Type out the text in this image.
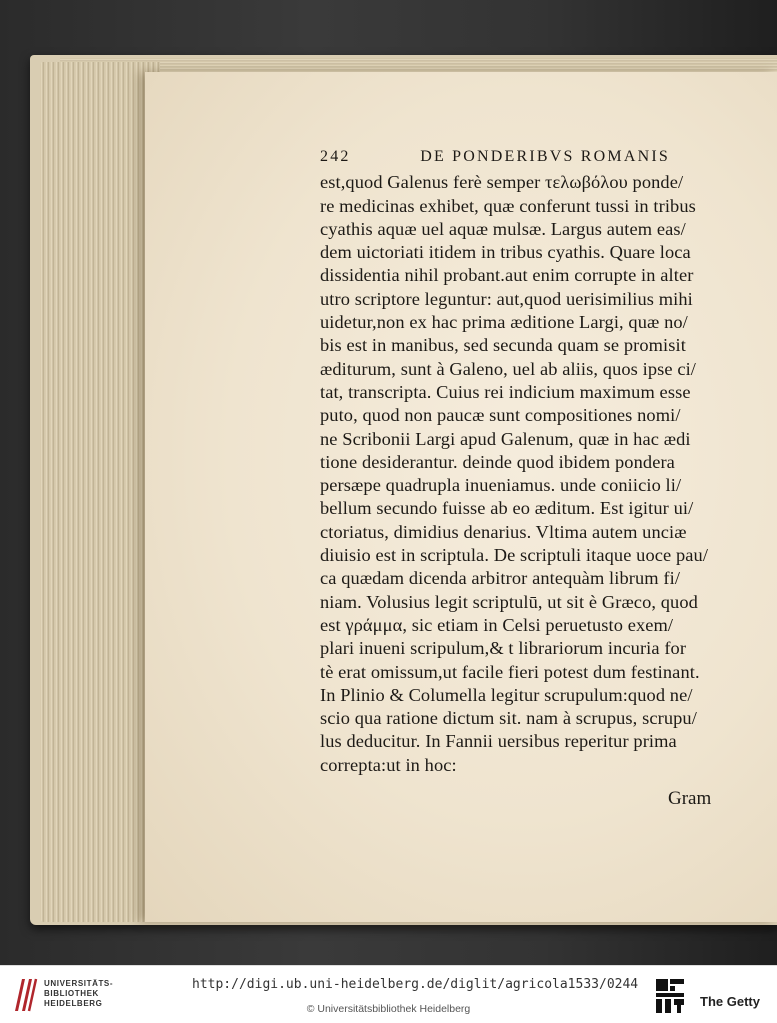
242	DE PONDERIBVS ROMANIS
est,quod Galenus ferè semper τελωβόλου ponde/
re medicinas exhibet, quæ conferunt tussi in tribus
cyathis aquæ uel aquæ mulsæ. Largus autem eas/
dem uictoriati itidem in tribus cyathis. Quare loca
dissidentia nihil probant.aut enim corrupte in alter
utro scriptore leguntur: aut,quod uerisimilius mihi
uidetur,non ex hac prima æditione Largi, quæ no/
bis est in manibus, sed secunda quam se promisit
æditurum, sunt à Galeno, uel ab aliis, quos ipse ci/
tat, transcripta. Cuius rei indicium maximum esse
puto, quod non paucæ sunt compositiones nomi/
ne Scribonii Largi apud Galenum, quæ in hac ædi
tione desiderantur. deinde quod ibidem pondera
persæpe quadrupla inueniamus. unde coniicio li/
bellum secundo fuisse ab eo æditum. Est igitur ui/
ctoriatus, dimidius denarius. Vltima autem unciæ
diuisio est in scriptula. De scriptuli itaque uoce pau/
ca quædam dicenda arbitror antequàm librum fi/
niam. Volusius legit scriptulū, ut sit è Græco, quod
est γράμμα, sic etiam in Celsi peruetusto exem/
plari inueni scripulum,& t librariorum incuria for
tè erat omissum,ut facile fieri potest dum festinant.
In Plinio & Columella legitur scrupulum:quod ne/
scio qua ratione dictum sit. nam à scrupus, scrupu/
lus deducitur. In Fannii uersibus reperitur prima
correpta:ut in hoc:
Gram
UNIVERSITÄTS-
BIBLIOTHEK
HEIDELBERG
http://digi.ub.uni-heidelberg.de/diglit/agricola1533/0244
© Universitätsbibliothek Heidelberg	The Getty
